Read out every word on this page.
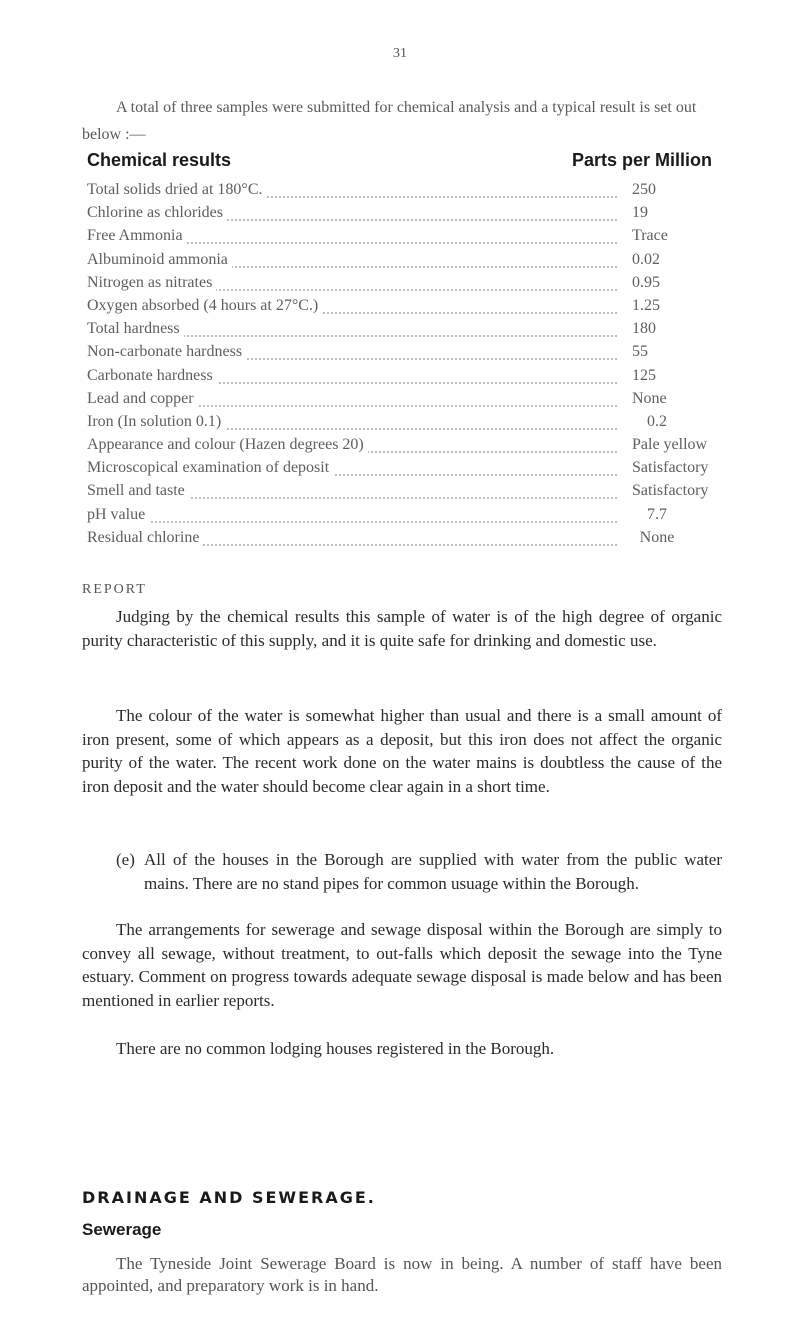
31

A total of three samples were submitted for chemical analysis and a typical result is set out below :—

Chemical results	Parts per Million
Total solids dried at 180°C.	250
Chlorine as chlorides	19
Free Ammonia	Trace
Albuminoid ammonia	0.02
Nitrogen as nitrates	0.95
Oxygen absorbed (4 hours at 27°C.)	1.25
Total hardness	180
Non-carbonate hardness	55
Carbonate hardness	125
Lead and copper	None
Iron (In solution 0.1)	0.2
Appearance and colour (Hazen degrees 20)	Pale yellow
Microscopical examination of deposit	Satisfactory
Smell and taste	Satisfactory
pH value	7.7
Residual chlorine	None
REPORT

Judging by the chemical results this sample of water is of the high degree of organic purity characteristic of this supply, and it is quite safe for drinking and domestic use.

The colour of the water is somewhat higher than usual and there is a small amount of iron present, some of which appears as a deposit, but this iron does not affect the organic purity of the water. The recent work done on the water mains is doubtless the cause of the iron deposit and the water should become clear again in a short time.

(e) All of the houses in the Borough are supplied with water from the public water mains. There are no stand pipes for common usuage within the Borough.

The arrangements for sewerage and sewage disposal within the Borough are simply to convey all sewage, without treatment, to out-falls which deposit the sewage into the Tyne estuary. Comment on progress towards adequate sewage disposal is made below and has been mentioned in earlier reports.

There are no common lodging houses registered in the Borough.

DRAINAGE AND SEWERAGE.
Sewerage

The Tyneside Joint Sewerage Board is now in being. A number of staff have been appointed, and preparatory work is in hand.
